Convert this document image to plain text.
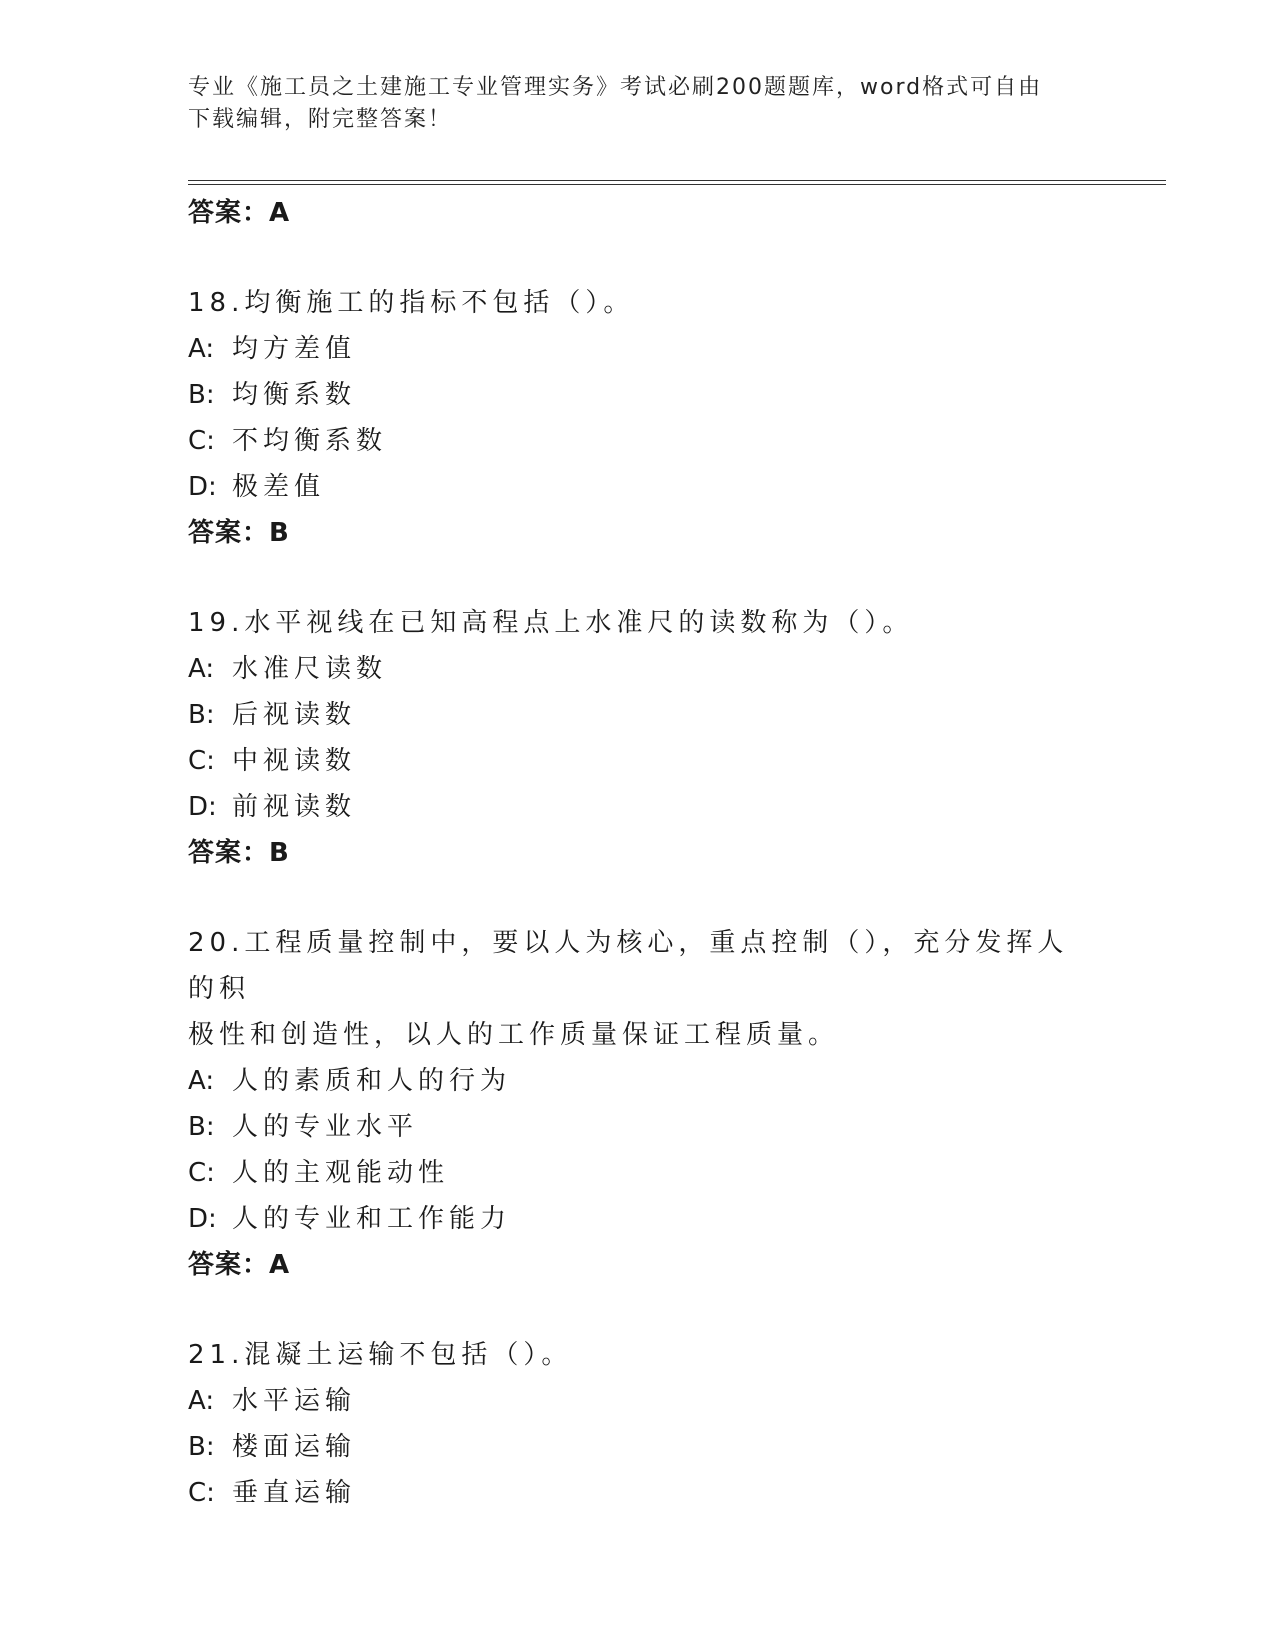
专业《施工员之土建施工专业管理实务》考试必刷200题题库，word格式可自由
下载编辑，附完整答案！

答案：A

18.均衡施工的指标不包括（）。

A: 均方差值

B: 均衡系数

C: 不均衡系数

D: 极差值

答案：B

19.水平视线在已知高程点上水准尺的读数称为（）。

A: 水准尺读数

B: 后视读数

C: 中视读数

D: 前视读数

答案：B

20.工程质量控制中，要以人为核心，重点控制（），充分发挥人的积

极性和创造性，以人的工作质量保证工程质量。

A: 人的素质和人的行为

B: 人的专业水平

C: 人的主观能动性

D: 人的专业和工作能力

答案：A

21.混凝土运输不包括（）。

A: 水平运输

B: 楼面运输

C: 垂直运输
